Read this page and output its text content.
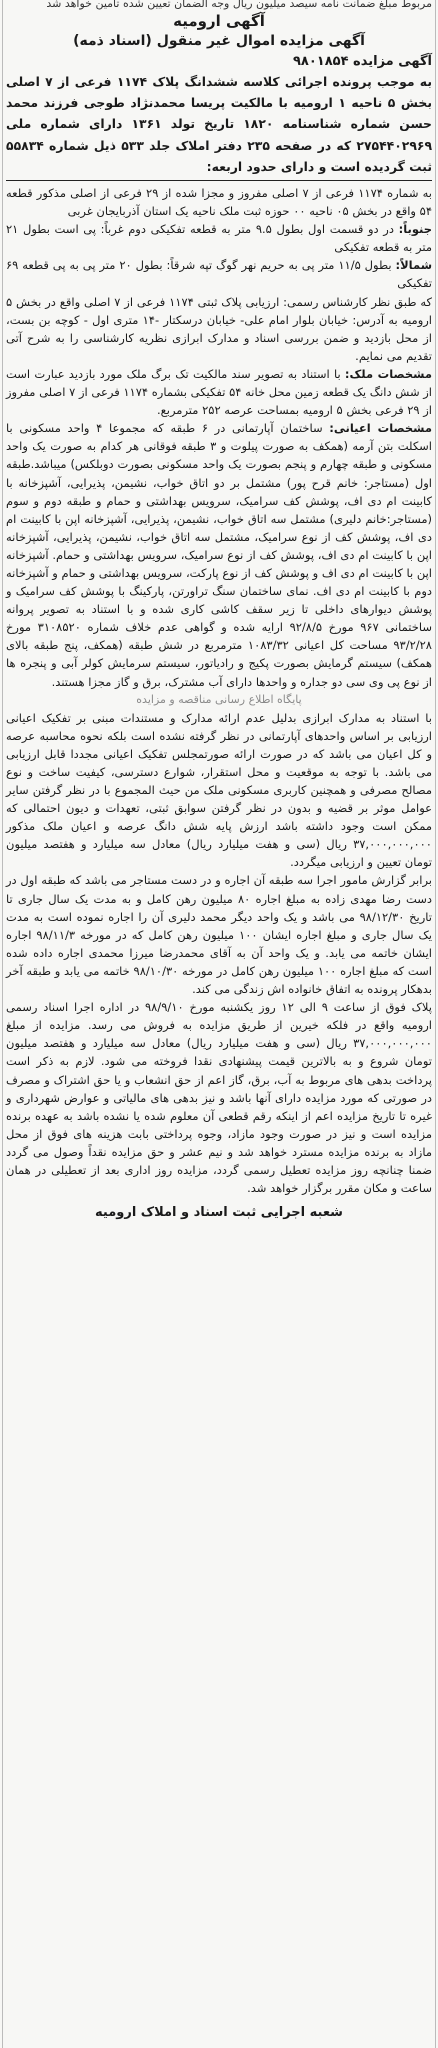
مربوط مبلغ ضمانت نامه سیصد میلیون ریال وجه الضمان تعیین شده تامین خواهد شد
آگهی ارومیه
آگهی مزایده اموال غیر منقول (اسناد ذمه)

آگهی مزایده ۹۸۰۱۸۵۴

به موجب پرونده اجرائی کلاسه ششدانگ پلاک ۱۱۷۴ فرعی از ۷ اصلی بخش ۵ ناحیه ۱ ارومیه با مالکیت پریسا محمدنژاد طوجی فرزند محمد حسن شماره شناسنامه ۱۸۲۰ تاریخ تولد ۱۳۶۱ دارای شماره ملی ۲۷۵۴۴۰۲۹۶۹ که در صفحه ۲۳۵ دفتر املاک جلد ۵۳۳ ذیل شماره ۵۵۸۳۴ ثبت گردیده است و دارای حدود اربعه:

به شماره ۱۱۷۴ فرعی از ۷ اصلی مفروز و مجزا شده از ۲۹ فرعی از اصلی مذکور قطعه ۵۴ واقع در بخش ۰۵ ناحیه ۰۰ حوزه ثبت ملک ناحیه یک استان آذربایجان غربی

جنوباً: در دو قسمت اول بطول ۹.۵ متر به قطعه تفکیکی دوم غرباً: پی است بطول ۲۱ متر به قطعه تفکیکی

شمالاً: بطول ۱۱/۵ متر پی به حریم نهر گوگ تپه شرقاً: بطول ۲۰ متر پی به پی قطعه ۶۹ تفکیکی

که طبق نظر کارشناس رسمی: ارزیابی پلاک ثبتی ۱۱۷۴ فرعی از ۷ اصلی واقع در بخش ۵ ارومیه به آدرس: خیابان بلوار امام علی- خیابان درسکتار -۱۴ متری اول - کوچه بن بست، از محل بازدید و ضمن بررسی اسناد و مدارک ابرازی نظریه کارشناسی را به شرح آتی تقدیم می نمایم.

مشخصات ملک: با استناد به تصویر سند مالکیت تک برگ ملک مورد بازدید عبارت است از شش دانگ یک قطعه زمین محل خانه ۵۴ تفکیکی بشماره ۱۱۷۴ فرعی از ۷ اصلی مفروز از ۲۹ فرعی بخش ۵ ارومیه بمساحت عرصه ۲۵۲ مترمربع.

مشخصات اعیانی: ساختمان آپارتمانی در ۶ طبقه که مجموعا ۴ واحد مسکونی با اسکلت بتن آرمه (همکف به صورت پیلوت و ۳ طبقه فوقانی هر کدام به صورت یک واحد مسکونی و طبقه چهارم و پنجم بصورت یک واحد مسکونی بصورت دوبلکس) میباشد.طبقه اول (مستاجر: خانم قرح پور) مشتمل بر دو اتاق خواب، نشیمن، پذیرایی، آشپزخانه با کابینت ام دی اف، پوشش کف سرامیک، سرویس بهداشتی و حمام و طبقه دوم و سوم (مستاجر:خانم دلیری) مشتمل سه اتاق خواب، نشیمن، پذیرایی، آشپزخانه اپن با کابینت ام دی اف، پوشش کف از نوع سرامیک، مشتمل سه اتاق خواب، نشیمن، پذیرایی، آشپزخانه اپن با کابینت ام دی اف، پوشش کف از نوع سرامیک، سرویس بهداشتی و حمام. آشپزخانه اپن با کابینت ام دی اف و پوشش کف از نوع پارکت، سرویس بهداشتی و حمام و آشپزخانه دوم با کابینت ام دی اف. نمای ساختمان سنگ تراورتن، پارکینگ با پوشش کف سرامیک و پوشش دیوارهای داخلی تا زیر سقف کاشی کاری شده و با استناد به تصویر پروانه ساختمانی ۹۶۷ مورخ ۹۲/۸/۵ ارایه شده و گواهی عدم خلاف شماره ۳۱۰۸۵۲۰ مورخ ۹۳/۲/۲۸ مساحت کل اعیانی ۱۰۸۳/۳۲ مترمربع در شش طبقه (همکف، پنج طبقه بالای همکف) سیستم گرمایش بصورت پکیج و رادیاتور، سیستم سرمایش کولر آبی و پنجره ها از نوع پی وی سی دو جداره و واحدها دارای آب مشترک، برق و گاز مجزا هستند.

پایگاه اطلاع رسانی مناقصه و مزایده

با استناد به مدارک ابرازی بدلیل عدم ارائه مدارک و مستندات مبنی بر تفکیک اعیانی ارزیابی بر اساس واحدهای آپارتمانی در نظر گرفته نشده است بلکه نحوه محاسبه عرصه و کل اعیان می باشد که در صورت ارائه صورتمجلس تفکیک اعیانی مجددا قابل ارزیابی می باشد. با توجه به موقعیت و محل استقرار، شوارع دسترسی، کیفیت ساخت و نوع مصالح مصرفی و همچنین کاربری مسکونی ملک من حیث المجموع با در نظر گرفتن سایر عوامل موثر بر قضیه و بدون در نظر گرفتن سوابق ثبتی، تعهدات و دیون احتمالی که ممکن است وجود داشته باشد ارزش پایه شش دانگ عرصه و اعیان ملک مذکور ۳۷,۰۰۰,۰۰۰,۰۰۰ ریال (سی و هفت میلیارد ریال) معادل سه میلیارد و هفتصد میلیون تومان تعیین و ارزیابی میگردد.

برابر گزارش مامور اجرا سه طبقه آن اجاره و در دست مستاجر می باشد که طبقه اول در دست رضا مهدی زاده به مبلغ اجاره ۸۰ میلیون رهن کامل و به مدت یک سال جاری تا تاریخ ۹۸/۱۲/۳۰ می باشد و یک واحد دیگر محمد دلیری آن را اجاره نموده است به مدت یک سال جاری و مبلغ اجاره ایشان ۱۰۰ میلیون رهن کامل که در مورخه ۹۸/۱۱/۳ اجاره ایشان خاتمه می یابد. و یک واحد آن به آقای محمدرضا میرزا محمدی اجاره داده شده است که مبلغ اجاره ۱۰۰ میلیون رهن کامل در مورخه ۹۸/۱۰/۳۰ خاتمه می یابد و طبقه آخر بدهکار پرونده به اتفاق خانواده اش زندگی می کند.

پلاک فوق از ساعت ۹ الی ۱۲ روز یکشنبه مورخ ۹۸/۹/۱۰ در اداره اجرا اسناد رسمی ارومیه واقع در فلکه خیرین از طریق مزایده به فروش می رسد. مزایده از مبلغ ۳۷,۰۰۰,۰۰۰,۰۰۰ ریال (سی و هفت میلیارد ریال) معادل سه میلیارد و هفتصد میلیون تومان شروع و به بالاترین قیمت پیشنهادی نقدا فروخته می شود. لازم به ذکر است پرداخت بدهی های مربوط به آب، برق، گاز اعم از حق انشعاب و یا حق اشتراک و مصرف در صورتی که مورد مزایده دارای آنها باشد و نیز بدهی های مالیاتی و عوارض شهرداری و غیره تا تاریخ مزایده اعم از اینکه رقم قطعی آن معلوم شده یا نشده باشد به عهده برنده مزایده است و نیز در صورت وجود مازاد، وجوه پرداختی بابت هزینه های فوق از محل مازاد به برنده مزایده مسترد خواهد شد و نیم عشر و حق مزایده نقداً وصول می گردد ضمنا چنانچه روز مزایده تعطیل رسمی گردد، مزایده روز اداری بعد از تعطیلی در همان ساعت و مکان مقرر برگزار خواهد شد.

شعبه اجرایی ثبت اسناد و املاک ارومیه
